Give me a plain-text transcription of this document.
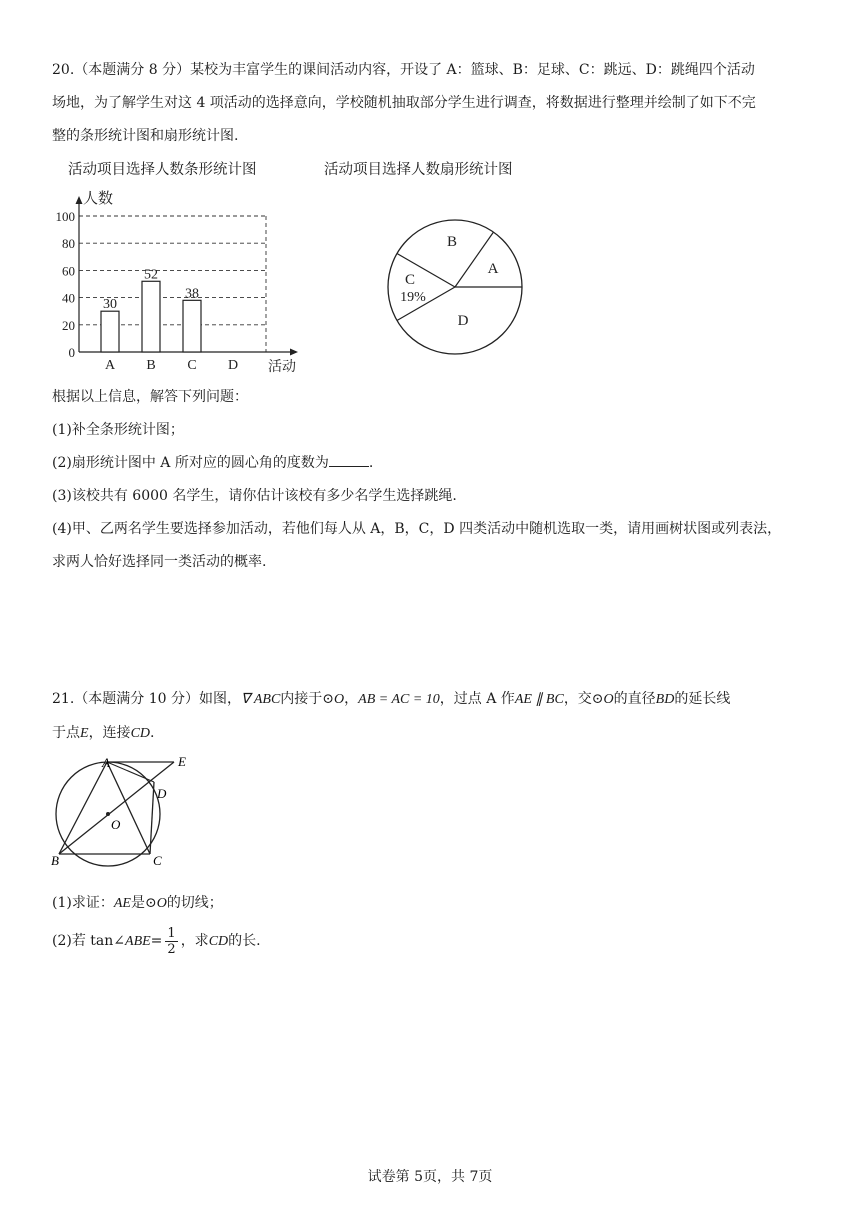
20.（本题满分 8 分）某校为丰富学生的课间活动内容，开设了 A：篮球、B：足球、C：跳远、D：跳绳四个活动

场地，为了解学生对这 4 项活动的选择意向，学校随机抽取部分学生进行调查，将数据进行整理并绘制了如下不完

整的条形统计图和扇形统计图.

活动项目选择人数条形统计图	活动项目选择人数扇形统计图
0
20
40
60
80
100
人数
活动
30
A
52
B
38
C D
A
B
C
19%
D

根据以上信息，解答下列问题：

(1)补全条形统计图；

(2)扇形统计图中 A 所对应的圆心角的度数为	.

(3)该校共有 6000 名学生，请你估计该校有多少名学生选择跳绳.

(4)甲、乙两名学生要选择参加活动，若他们每人从 A，B，C，D 四类活动中随机选取一类，请用画树状图或列表法，

求两人恰好选择同一类活动的概率.

21.（本题满分 10 分）如图，∇ ABC内接于⊙O，AB = AC = 10，过点 A 作AE ∥ BC，交⊙O的直径BD的延长线

于点E，连接CD.

A	E
D
O
B	C

(1)求证：AE是⊙O的切线；

(2)若 tan∠ABE= $\frac{1}{2}$ ，求CD的长.
试卷第 5页，共 7页
